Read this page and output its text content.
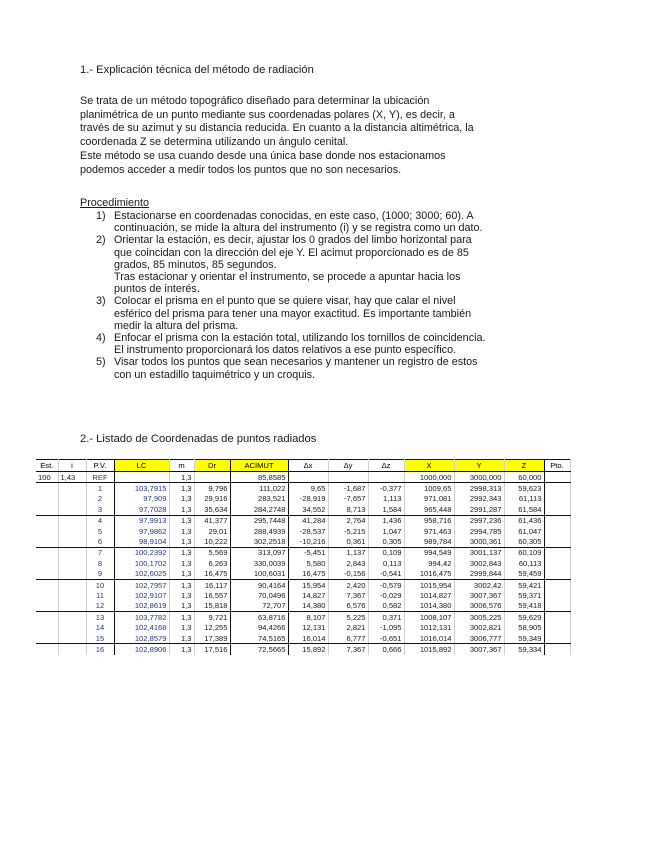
1.- Explicación técnica del método de radiación
Se trata de un método topográfico diseñado para determinar la ubicación
planimétrica de un punto mediante sus coordenadas polares (X, Y), es decir, a
través de su azimut y su distancia reducida. En cuanto a la distancia altimétrica, la
coordenada Z se determina utilizando un ángulo cenital.
Este método se usa cuando desde una única base donde nos estacionamos
podemos acceder a medir todos los puntos que no son necesarios.
Procedimiento
1) Estacionarse en coordenadas conocidas, en este caso, (1000; 3000; 60). A
continuación, se mide la altura del instrumento (i) y se registra como un dato.
2) Orientar la estación, es decir, ajustar los 0 grados del limbo horizontal para
que coincidan con la dirección del eje Y. El acimut proporcionado es de 85
grados, 85 minutos, 85 segundos.
Tras estacionar y orientar el instrumento, se procede a apuntar hacia los
puntos de interés.
3) Colocar el prisma en el punto que se quiere visar, hay que calar el nivel
esférico del prisma para tener una mayor exactitud. Es importante también
medir la altura del prisma.
4) Enfocar el prisma con la estación total, utilizando los tornillos de coincidencia.
El instrumento proporcionará los datos relativos a ese punto específico.
5) Visar todos los puntos que sean necesarios y mantener un registro de estos
con un estadillo taquimétrico y un croquis.
2.- Listado de Coordenadas de puntos radiados
Est.	i	P.V.	LC	m	Dr	ACIMUT	Δx	Δy	Δz	X	Y	Z	Pto.
100	1,43	REF		1,3		85,8585				1000,000	3000,000	60,000	
		1	103,7915	1,3	9,796	111,022	9,65	-1,687	-0,377	1009,65	2998,313	59,623	
		2	97,909	1,3	29,916	283,521	-28,919	-7,657	1,113	971,081	2992,343	61,113	
		3	97,7028	1,3	35,634	284,2748	34,552	8,713	1,584	965,448	2991,287	61,584	
		4	97,9913	1,3	41,377	295,7448	41,284	2,764	1,436	958,716	2997,236	61,436	
		5	97,9862	1,3	29,01	288,4939	-28,537	-5,215	1,047	971,463	2994,785	61,047	
		6	98,9104	1,3	10,222	302,2518	-10,216	0,361	0,305	989,784	3000,361	60,305	
		7	100,2392	1,3	5,569	313,097	-5,451	1,137	0,109	994,549	3001,137	60,109	
		8	100,1702	1,3	6,263	330,0039	5,580	2,843	0,113	994,42	3002,843	60,113	
		9	102,6025	1,3	16,475	100,6031	16,475	-0,156	-0,541	1016,475	2999,844	59,459	
		10	102,7957	1,3	16,117	90,4164	15,954	2,420	-0,579	1015,954	3002,42	59,421	
		11	102,9107	1,3	16,557	70,0496	14,827	7,367	-0,029	1014,827	3007,367	59,371	
		12	102,8619	1,3	15,818	72,707	14,380	6,576	0,582	1014,380	3006,576	59,418	
		13	103,7782	1,3	9,721	63,8716	8,107	5,225	0,371	1008,107	3005,225	59,629	
		14	102,4168	1,3	12,255	94,4266	12,131	2,821	-1,095	1012,131	3002,821	58,905	
		15	102,8579	1,3	17,389	74,5165	16,014	6,777	-0,651	1016,014	3006,777	59,349	
		16	102,8906	1,3	17,516	72,5665	15,892	7,367	0,666	1015,892	3007,367	59,334	
